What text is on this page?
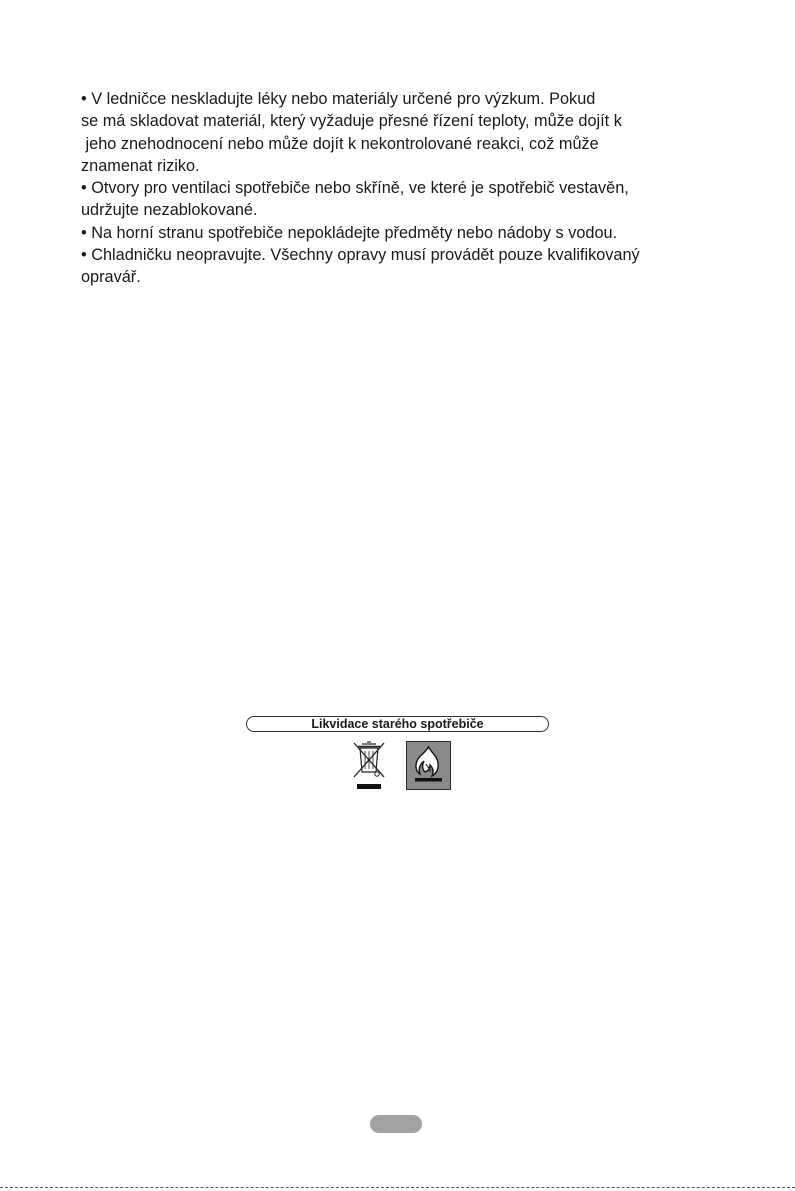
• V ledničce neskladujte léky nebo materiály určené pro výzkum. Pokud
se má skladovat materiál, který vyžaduje přesné řízení teploty, může dojít k
jeho znehodnocení nebo může dojít k nekontrolované reakci, což může
znamenat riziko.
• Otvory pro ventilaci spotřebiče nebo skříně, ve které je spotřebič vestavěn,
udržujte nezablokované.
• Na horní stranu spotřebiče nepokládejte předměty nebo nádoby s vodou.
• Chladničku neopravujte. Všechny opravy musí provádět pouze kvalifikovaný
opravář.
Likvidace starého spotřebiče
